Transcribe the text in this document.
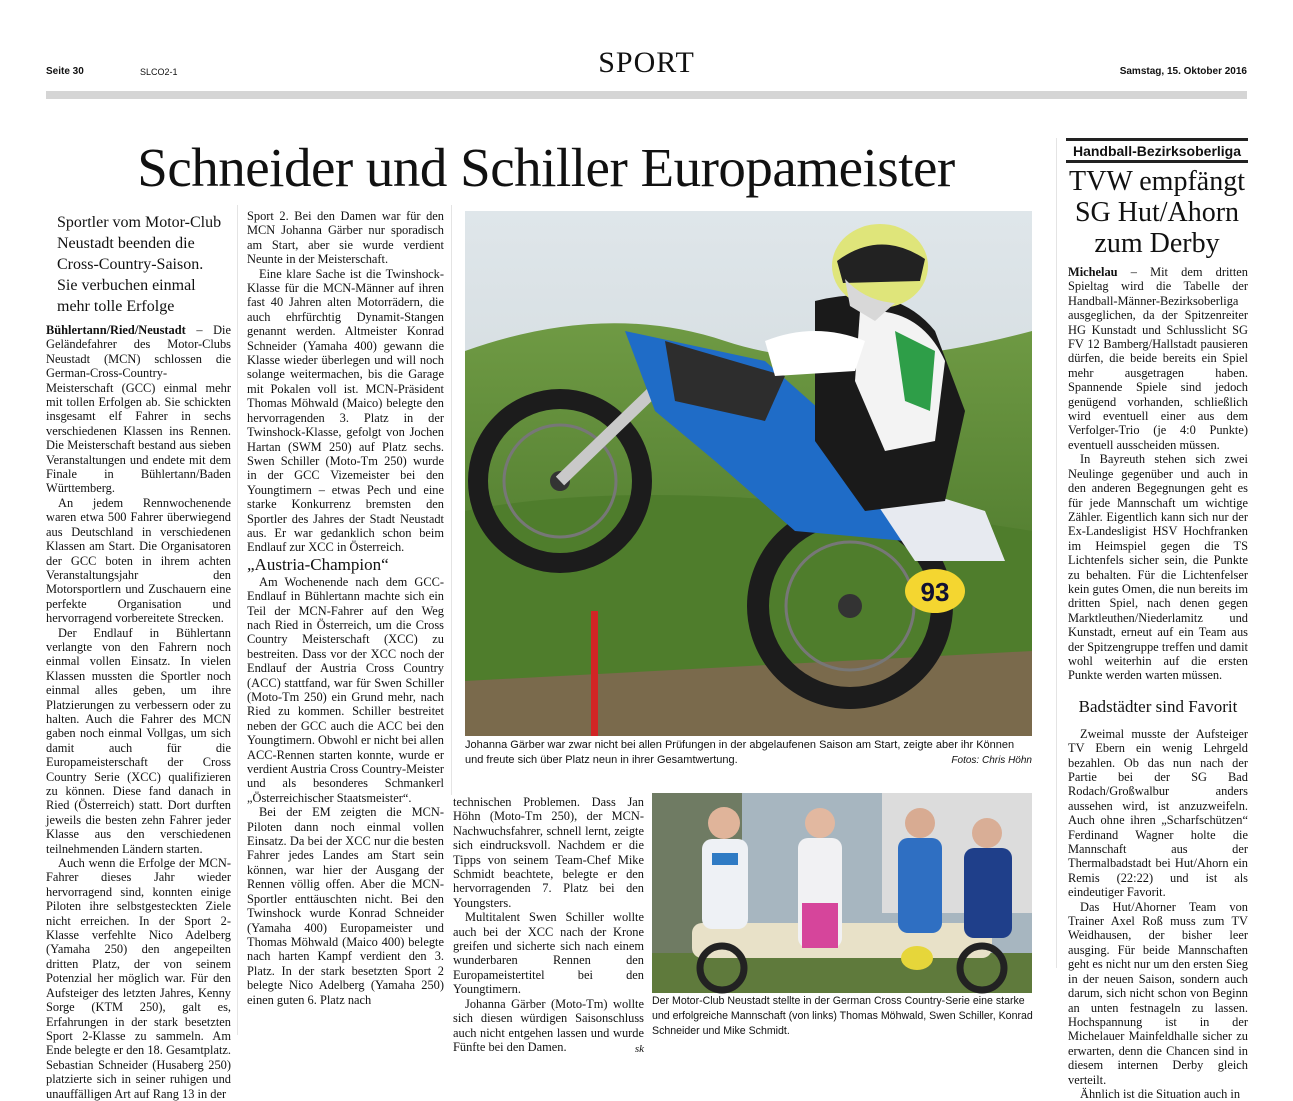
Seite 30	SLCO2-1	SPORT	Samstag, 15. Oktober 2016
Schneider und Schiller Europameister
Sportler vom Motor-Club Neustadt beenden die Cross-Country-Saison. Sie verbuchen einmal mehr tolle Erfolge

Bühlertann/Ried/Neustadt – Die Geländefahrer des Motor-Clubs Neustadt (MCN) schlossen die German-Cross-Country-Meisterschaft (GCC) einmal mehr mit tollen Erfolgen ab. Sie schickten insgesamt elf Fahrer in sechs verschiedenen Klassen ins Rennen. Die Meisterschaft bestand aus sieben Veranstaltungen und endete mit dem Finale in Bühlertann/Baden Württemberg.

An jedem Rennwochenende waren etwa 500 Fahrer überwiegend aus Deutschland in verschiedenen Klassen am Start. Die Organisatoren der GCC boten in ihrem achten Veranstaltungsjahr den Motorsportlern und Zuschauern eine perfekte Organisation und hervorragend vorbereitete Strecken.

Der Endlauf in Bühlertann verlangte von den Fahrern noch einmal vollen Einsatz. In vielen Klassen mussten die Sportler noch einmal alles geben, um ihre Platzierungen zu verbessern oder zu halten. Auch die Fahrer des MCN gaben noch einmal Vollgas, um sich damit auch für die Europameisterschaft der Cross Country Serie (XCC) qualifizieren zu können. Diese fand danach in Ried (Österreich) statt. Dort durften jeweils die besten zehn Fahrer jeder Klasse aus den verschiedenen teilnehmenden Ländern starten.

Auch wenn die Erfolge der MCN-Fahrer dieses Jahr wieder hervorragend sind, konnten einige Piloten ihre selbstgesteckten Ziele nicht erreichen. In der Sport 2-Klasse verfehlte Nico Adelberg (Yamaha 250) den angepeilten dritten Platz, der von seinem Potenzial her möglich war. Für den Aufsteiger des letzten Jahres, Kenny Sorge (KTM 250), galt es, Erfahrungen in der stark besetzten Sport 2-Klasse zu sammeln. Am Ende belegte er den 18. Gesamtplatz. Sebastian Schneider (Husaberg 250) platzierte sich in seiner ruhigen und unauffälligen Art auf Rang 13 in der

Sport 2. Bei den Damen war für den MCN Johanna Gärber nur sporadisch am Start, aber sie wurde verdient Neunte in der Meisterschaft.

Eine klare Sache ist die Twinshock-Klasse für die MCN-Männer auf ihren fast 40 Jahren alten Motorrädern, die auch ehrfürchtig Dynamit-Stangen genannt werden. Altmeister Konrad Schneider (Yamaha 400) gewann die Klasse wieder überlegen und will noch solange weitermachen, bis die Garage mit Pokalen voll ist. MCN-Präsident Thomas Möhwald (Maico) belegte den hervorragenden 3. Platz in der Twinshock-Klasse, gefolgt von Jochen Hartan (SWM 250) auf Platz sechs. Swen Schiller (Moto-Tm 250) wurde in der GCC Vizemeister bei den Youngtimern – etwas Pech und eine starke Konkurrenz bremsten den Sportler des Jahres der Stadt Neustadt aus. Er war gedanklich schon beim Endlauf zur XCC in Österreich.

„Austria-Champion“

Am Wochenende nach dem GCC-Endlauf in Bühlertann machte sich ein Teil der MCN-Fahrer auf den Weg nach Ried in Österreich, um die Cross Country Meisterschaft (XCC) zu bestreiten. Dass vor der XCC noch der Endlauf der Austria Cross Country (ACC) stattfand, war für Swen Schiller (Moto-Tm 250) ein Grund mehr, nach Ried zu kommen. Schiller bestreitet neben der GCC auch die ACC bei den Youngtimern. Obwohl er nicht bei allen ACC-Rennen starten konnte, wurde er verdient Austria Cross Country-Meister und als besonderes Schmankerl „Österreichischer Staatsmeister“.

Bei der EM zeigten die MCN-Piloten dann noch einmal vollen Einsatz. Da bei der XCC nur die besten Fahrer jedes Landes am Start sein können, war hier der Ausgang der Rennen völlig offen. Aber die MCN-Sportler enttäuschten nicht. Bei den Twinshock wurde Konrad Schneider (Yamaha 400) Europameister und Thomas Möhwald (Maico 400) belegte nach harten Kampf verdient den 3. Platz. In der stark besetzten Sport 2 belegte Nico Adelberg (Yamaha 250) einen guten 6. Platz nach

93
Johanna Gärber war zwar nicht bei allen Prüfungen in der abgelaufenen Saison am Start, zeigte aber ihr Können und freute sich über Platz neun in ihrer Gesamtwertung.	Fotos: Chris Höhn

technischen Problemen. Dass Jan Höhn (Moto-Tm 250), der MCN-Nachwuchsfahrer, schnell lernt, zeigte sich eindrucksvoll. Nachdem er die Tipps von seinem Team-Chef Mike Schmidt beachtete, belegte er den hervorragenden 7. Platz bei den Youngsters.

Multitalent Swen Schiller wollte auch bei der XCC nach der Krone greifen und sicherte sich nach einem wunderbaren Rennen den Europameistertitel bei den Youngtimern.

Johanna Gärber (Moto-Tm) wollte sich diesen würdigen Saisonschluss auch nicht entgehen lassen und wurde Fünfte bei den Damen.	sk

Der Motor-Club Neustadt stellte in der German Cross Country-Serie eine starke und erfolgreiche Mannschaft (von links) Thomas Möhwald, Swen Schiller, Konrad Schneider und Mike Schmidt.
Handball-Bezirksoberliga
TVW empfängt SG Hut/Ahorn zum Derby

Michelau – Mit dem dritten Spieltag wird die Tabelle der Handball-Männer-Bezirksoberliga ausgeglichen, da der Spitzenreiter HG Kunstadt und Schlusslicht SG FV 12 Bamberg/Hallstadt pausieren dürfen, die beide bereits ein Spiel mehr ausgetragen haben. Spannende Spiele sind jedoch genügend vorhanden, schließlich wird eventuell einer aus dem Verfolger-Trio (je 4:0 Punkte) eventuell ausscheiden müssen.

In Bayreuth stehen sich zwei Neulinge gegenüber und auch in den anderen Begegnungen geht es für jede Mannschaft um wichtige Zähler. Eigentlich kann sich nur der Ex-Landesligist HSV Hochfranken im Heimspiel gegen die TS Lichtenfels sicher sein, die Punkte zu behalten. Für die Lichtenfelser kein gutes Omen, die nun bereits im dritten Spiel, nach denen gegen Marktleuthen/Niederlamitz und Kunstadt, erneut auf ein Team aus der Spitzengruppe treffen und damit wohl weiterhin auf die ersten Punkte werden warten müssen.

Badstädter sind Favorit

Zweimal musste der Aufsteiger TV Ebern ein wenig Lehrgeld bezahlen. Ob das nun nach der Partie bei der SG Bad Rodach/Großwalbur anders aussehen wird, ist anzuzweifeln. Auch ohne ihren „Scharfschützen“ Ferdinand Wagner holte die Mannschaft aus der Thermalbadstadt bei Hut/Ahorn ein Remis (22:22) und ist als eindeutiger Favorit.

Das Hut/Ahorner Team von Trainer Axel Roß muss zum TV Weidhausen, der bisher leer ausging. Für beide Mannschaften geht es nicht nur um den ersten Sieg in der neuen Saison, sondern auch darum, sich nicht schon von Beginn an unten festnageln zu lassen. Hochspannung ist in der Michelauer Mainfeldhalle sicher zu erwarten, denn die Chancen sind in diesem internen Derby gleich verteilt.

Ähnlich ist die Situation auch in
